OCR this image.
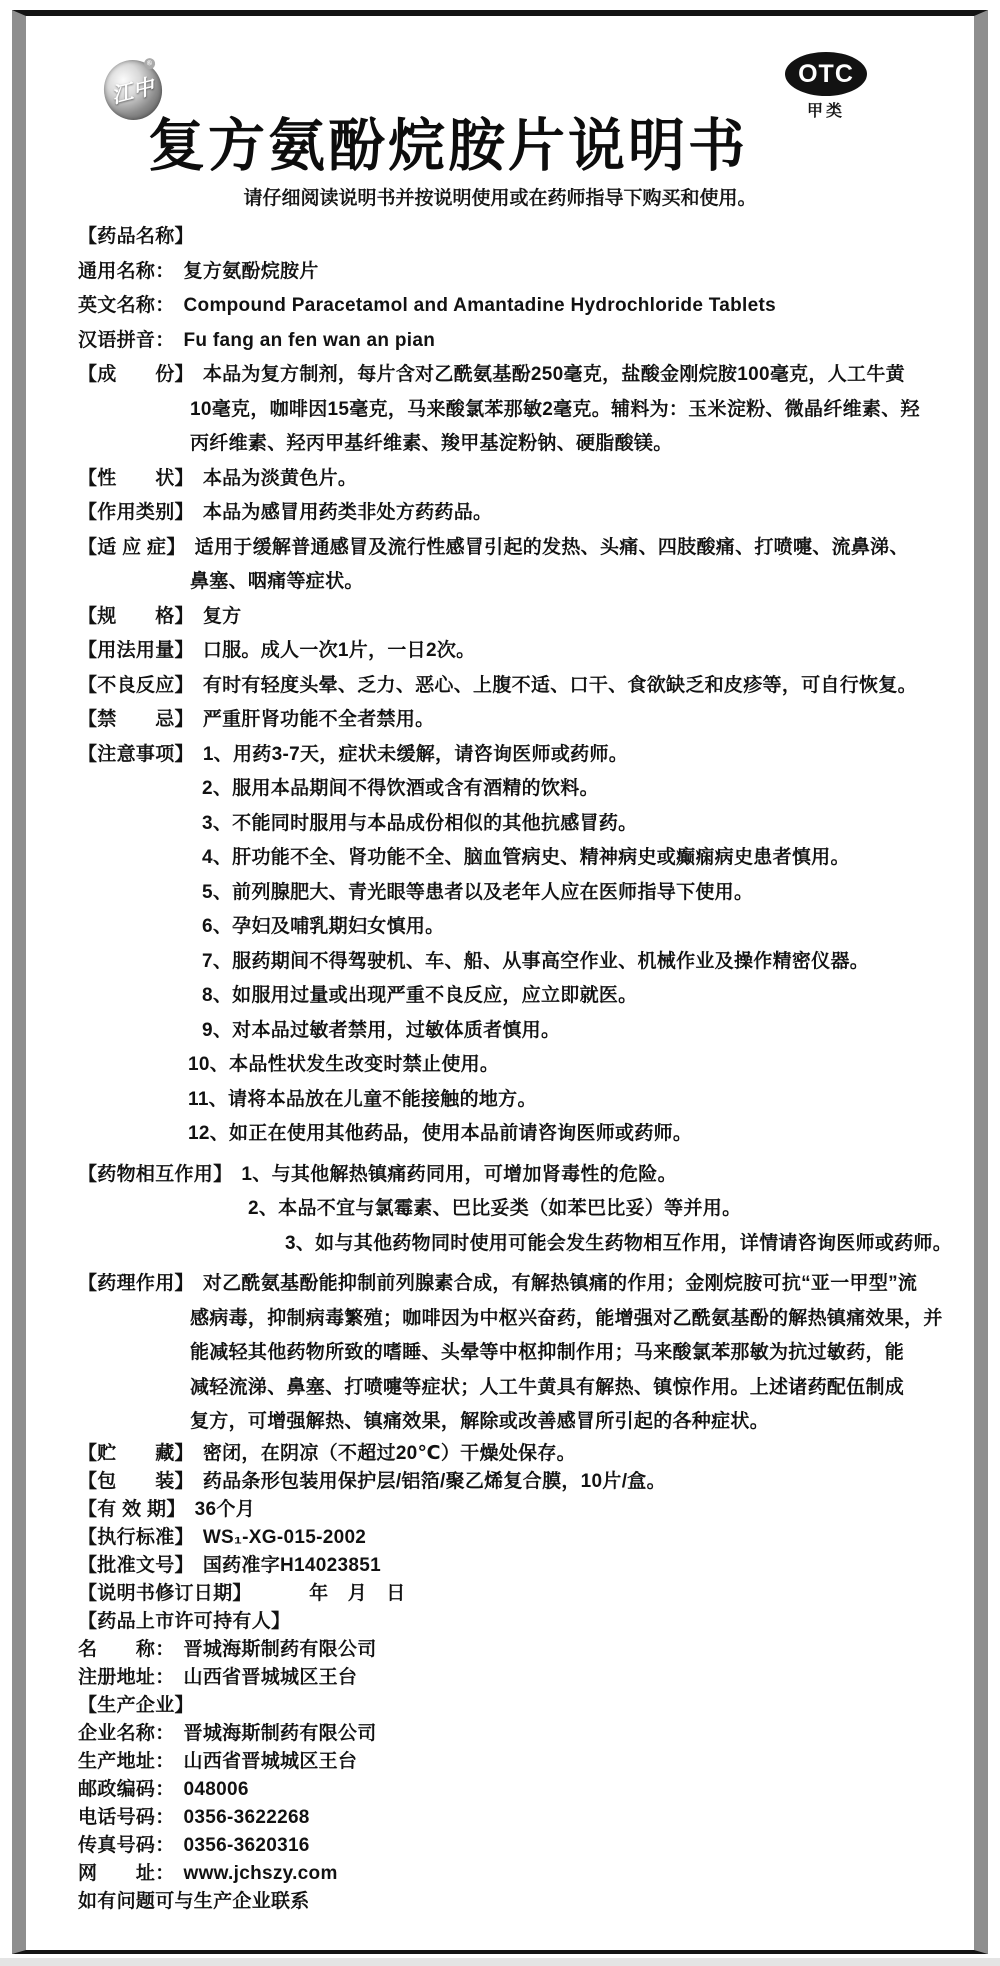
江中
®	OTC
甲类
复方氨酚烷胺片说明书
请仔细阅读说明书并按说明使用或在药师指导下购买和使用。
【药品名称】
通用名称： 复方氨酚烷胺片
英文名称： Compound Paracetamol and Amantadine Hydrochloride Tablets
汉语拼音： Fu fang an fen wan an pian
【成　　份】 本品为复方制剂，每片含对乙酰氨基酚250毫克，盐酸金刚烷胺100毫克，人工牛黄
10毫克，咖啡因15毫克，马来酸氯苯那敏2毫克。辅料为：玉米淀粉、微晶纤维素、羟
丙纤维素、羟丙甲基纤维素、羧甲基淀粉钠、硬脂酸镁。
【性　　状】 本品为淡黄色片。
【作用类别】 本品为感冒用药类非处方药药品。
【适 应 症】 适用于缓解普通感冒及流行性感冒引起的发热、头痛、四肢酸痛、打喷嚏、流鼻涕、
鼻塞、咽痛等症状。
【规　　格】 复方
【用法用量】 口服。成人一次1片，一日2次。
【不良反应】 有时有轻度头晕、乏力、恶心、上腹不适、口干、食欲缺乏和皮疹等，可自行恢复。
【禁　　忌】 严重肝肾功能不全者禁用。
【注意事项】 1、用药3-7天，症状未缓解，请咨询医师或药师。
2、服用本品期间不得饮酒或含有酒精的饮料。
3、不能同时服用与本品成份相似的其他抗感冒药。
4、肝功能不全、肾功能不全、脑血管病史、精神病史或癫痫病史患者慎用。
5、前列腺肥大、青光眼等患者以及老年人应在医师指导下使用。
6、孕妇及哺乳期妇女慎用。
7、服药期间不得驾驶机、车、船、从事高空作业、机械作业及操作精密仪器。
8、如服用过量或出现严重不良反应，应立即就医。
9、对本品过敏者禁用，过敏体质者慎用。
10、本品性状发生改变时禁止使用。
11、请将本品放在儿童不能接触的地方。
12、如正在使用其他药品，使用本品前请咨询医师或药师。
【药物相互作用】 1、与其他解热镇痛药同用，可增加肾毒性的危险。
2、本品不宜与氯霉素、巴比妥类（如苯巴比妥）等并用。
3、如与其他药物同时使用可能会发生药物相互作用，详情请咨询医师或药师。
【药理作用】 对乙酰氨基酚能抑制前列腺素合成，有解热镇痛的作用；金刚烷胺可抗“亚一甲型”流
感病毒，抑制病毒繁殖；咖啡因为中枢兴奋药，能增强对乙酰氨基酚的解热镇痛效果，并
能减轻其他药物所致的嗜睡、头晕等中枢抑制作用；马来酸氯苯那敏为抗过敏药，能
减轻流涕、鼻塞、打喷嚏等症状；人工牛黄具有解热、镇惊作用。上述诸药配伍制成
复方，可增强解热、镇痛效果，解除或改善感冒所引起的各种症状。
【贮　　藏】 密闭，在阴凉（不超过20℃）干燥处保存。
【包　　装】 药品条形包装用保护层/铝箔/聚乙烯复合膜，10片/盒。
【有 效 期】 36个月
【执行标准】 WS₁-XG-015-2002
【批准文号】 国药准字H14023851
【说明书修订日期】　　　年　月　日
【药品上市许可持有人】
名　　称： 晋城海斯制药有限公司
注册地址： 山西省晋城城区王台
【生产企业】
企业名称： 晋城海斯制药有限公司
生产地址： 山西省晋城城区王台
邮政编码： 048006
电话号码： 0356-3622268
传真号码： 0356-3620316
网　　址： www.jchszy.com
如有问题可与生产企业联系
